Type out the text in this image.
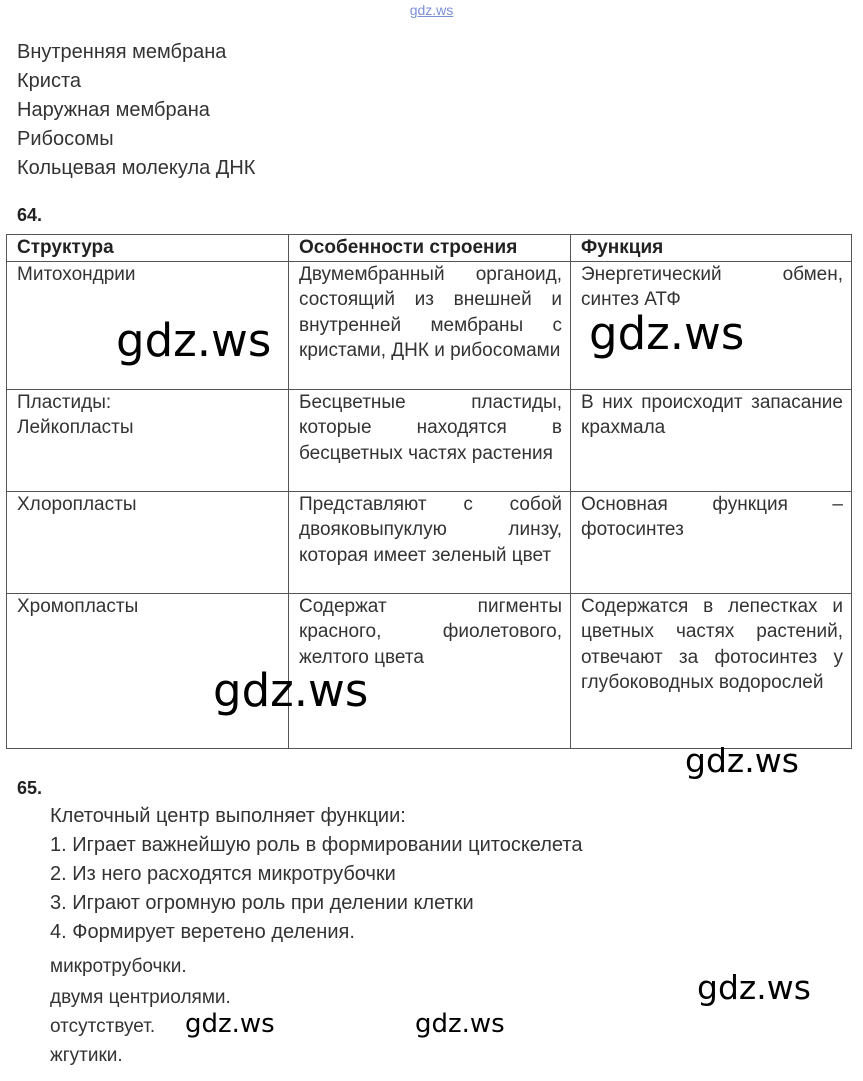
gdz.ws
Внутренняя мембрана
Криста
Наружная мембрана
Рибосомы
Кольцевая молекула ДНК
64.
Структура	Особенности строения	Функция
Митохондрии	Двумембранный органоид, состоящий из внешней и внутренней мембраны с кристами, ДНК и рибосомами	Энергетический обмен, синтез АТФ
Пластиды: Лейкопласты	Бесцветные пластиды, которые находятся в бесцветных частях растения	В них происходит запасание крахмала
Хлоропласты	Представляют с собой двояковыпуклую линзу, которая имеет зеленый цвет	Основная функция – фотосинтез
Хромопласты	Содержат пигменты красного, фиолетового, желтого цвета	Содержатся в лепестках и цветных частях растений, отвечают за фотосинтез у глубоководных водорослей
65.
Клеточный центр выполняет функции:
1. Играет важнейшую роль в формировании цитоскелета
2. Из него расходятся микротрубочки
3. Играют огромную роль при делении клетки
4. Формирует веретено деления.
микротрубочки.
двумя центриолями.
отсутствует.
жгутики.
gdz.ws	gdz.ws
gdz.ws
gdz.ws
gdz.ws
gdz.ws	gdz.ws
